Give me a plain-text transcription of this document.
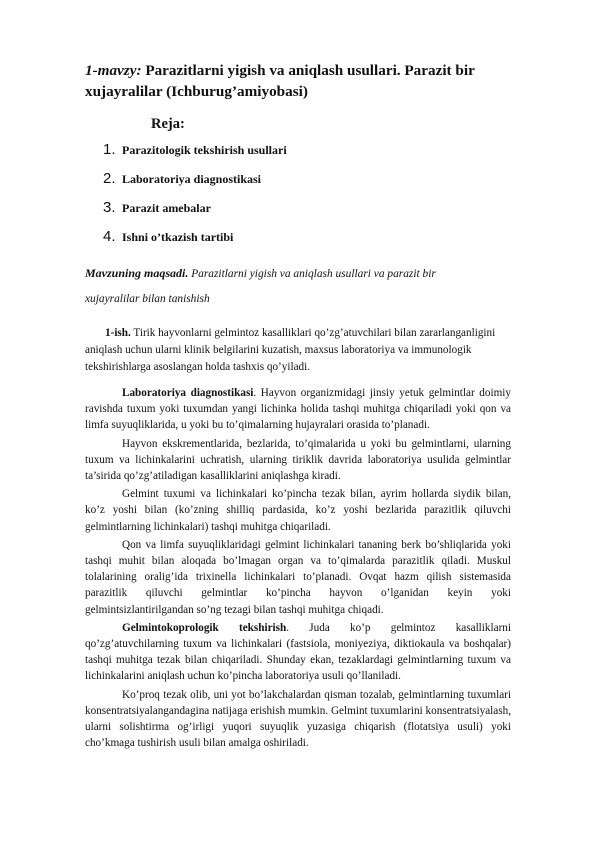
1-mavzy: Parazitlarni yigish va aniqlash usullari. Parazit bir xujayralilar (Ichburug’amiyobasi)
Reja:
1. Parazitologik tekshirish usullari
2. Laboratoriya diagnostikasi
3. Parazit amebalar
4. Ishni o’tkazish tartibi
Mavzuning maqsadi. Parazitlarni yigish va aniqlash usullari va parazit bir
xujayralilar bilan tanishish

1-ish. Tirik hayvonlarni gelmintoz kasalliklari qo’zg’atuvchilari bilan zararlanganligini aniqlash uchun ularni klinik belgilarini kuzatish, maxsus laboratoriya va immunologik tekshirishlarga asoslangan holda tashxis qo’yiladi.

Laboratoriya diagnostikasi. Hayvon organizmidagi jinsiy yetuk gelmintlar doimiy ravishda tuxum yoki tuxumdan yangi lichinka holida tashqi muhitga chiqariladi yoki qon va limfa suyuqliklarida, u yoki bu to’qimalarning hujayralari orasida to’planadi.

Hayvon ekskrementlarida, bezlarida, to’qimalarida u yoki bu gelmintlarni, ularning tuxum va lichinkalarini uchratish, ularning tiriklik davrida laboratoriya usulida gelmintlar ta’sirida qo’zg’atiladigan kasalliklarini aniqlashga kiradi.

Gelmint tuxumi va lichinkalari ko’pincha tezak bilan, ayrim hollarda siydik bilan, ko’z yoshi bilan (ko’zning shilliq pardasida, ko’z yoshi bezlarida parazitlik qiluvchi gelmintlarning lichinkalari) tashqi muhitga chiqariladi.

Qon va limfa suyuqliklaridagi gelmint lichinkalari tananing berk bo’shliqlarida yoki tashqi muhit bilan aloqada bo’lmagan organ va to’qimalarda parazitlik qiladi. Muskul tolalarining oralig’ida trixinella lichinkalari to’planadi. Ovqat hazm qilish sistemasida parazitlik qiluvchi gelmintlar ko’pincha hayvon o’lganidan keyin yoki gelmintsizlantirilgandan so’ng tezagi bilan tashqi muhitga chiqadi.

Gelmintokoprologik tekshirish. Juda ko’p gelmintoz kasalliklarni qo’zg’atuvchilarning tuxum va lichinkalari (fastsiola, moniyeziya, diktiokaula va boshqalar) tashqi muhitga tezak bilan chiqariladi. Shunday ekan, tezaklardagi gelmintlarning tuxum va lichinkalarini aniqlash uchun ko’pincha laboratoriya usuli qo’llaniladi.

Ko’proq tezak olib, uni yot bo’lakchalardan qisman tozalab, gelmintlarning tuxumlari konsentratsiyalangandagina natijaga erishish mumkin. Gelmint tuxumlarini konsentratsiyalash, ularni solishtirma og’irligi yuqori suyuqlik yuzasiga chiqarish (flotatsiya usuli) yoki cho’kmaga tushirish usuli bilan amalga oshiriladi.
